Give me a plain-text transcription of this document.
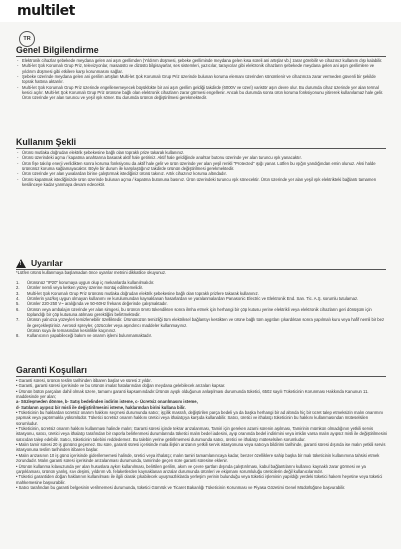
multilet
TR
Genel Bilgilendirme
- Elektronik cihazlar şebekede meydana gelen ani aşırı gerilimden (Yıldırım düşmesi, şebeke geriliminde meydana gelen kısa süreli ani artışlar vb.) zarar görebilir ve cihazınız kullanım dışı kalabilir.
- Multi-let Şok Korumalı Grup Priz, televizyonlar, masaüstü ve dizüstü bilgisayarlar, ses sistemleri, yazıcılar, tarayıcılar gibi elektronik cihazların şebekede meydana gelen ani aşırı gerilimlere ve yıldırım düşmesi gibi etkilere karşı korunmasını sağlar.
- Şebeke üzerinde meydana gelen ani gerilim artışları Multi-let Şok Korumalı Grup Priz üzerinde bulunan koruma elemanı üzerinden sönümlenir ve cihazınıza zarar vermeden güvenli bir şekilde toprak hattına aktarılır.
- Multi-let Şok Korumalı Grup Priz üzerinde engellenemeyecek büyüklükte bir ani aşırı gerilim geldiği takdirde (6000V ve üzeri) varistör aşırı devre olur. Bu durumda cihaz üzerinde yer alan termal kesici açılır. Multi-let Şok Korumalı Grup Priz ürününe bağlı olan elektronik cihazların zarar görmesi engellenir. Ancak bu durumda sonra ürün koruma fonksiyonunu yitirerek kullanılamaz hale gelir. Ürün üzerinde yer alan turuncu ve yeşil ışık söner. Bu durumda ürünün değiştirilmesi gerekmektedir.
Kullanım Şekli
- Ürünü mutlaka doğrudan elektrik şebekesine bağlı olan topraklı prize takarak kullanınız.
- Ürünü üzerindeki açma / kapatma anahtarına basarak aktif hale getiriniz. Aktif hale geldiğinde anahtar butonu üzerinde yer alan turuncu ışık yanacaktır.
- Ürün fişe takılıp enerji verildikten sonra koruma fonksiyonu da aktif hale gelir ve ürün üzerinde yer alan yeşil renkli "Protected" ışığı yanar. Lütfen bu ışığın yandığından emin olunuz. Aksi halde ürününüz koruma sağlamayacaktır. Böyle bir durum ile karşılaştığınız takdirde ürünün değiştirilmesi gerekmektedir.
- Ürün üzerinde yer alan yuvalardan birine çalıştırmak istediğiniz ürünü takınız. Artık cihazınız koruma altındadır.
- Ürünü kapatmak istediğinizde ürün üzerinde bulunan açma / kapatma butonuna basınız. Ürün üzerindeki turuncu ışık sönecektir. Ürün üzerinde yer alan yeşil ışık elektrikteki bağlantı tamamen kesilinceye kadar yanmaya devam edecektir.
! Uyarılar
*Lütfen ürünü kullanmaya başlamadan önce uyarılar metnini dikkatlice okuyunuz.
1. Ürününüz "IP20" korumaya uygun olup iç mekanlarda kullanılmalıdır.
2. Ürünler nemli veya ketken yüzey üzerine montaj edilmemelidir.
3. Multi-let Şok Korumalı Grup Priz ürününü mutlaka doğrudan elektrik şebekesine bağlı olan topraklı prizlere takarak kullanınız.
4. Ürünlerin yaz/kış uygun olmayan kullanımı ve kurulumundan kaynaklanan hasarlardan ve yaralanmalardan Panasonic Electric ve Elektronik End. San. Tic. A.Ş. sorumlu tutulamaz.
5. Ürünler 220-250 V~ aralığında ve 50-60Hz frekans değerinde çalışmaktadır.
6. Ürünün veya ambalajın üzerinde yer alan simgesi, bu ürünün ömrü tükendikten sonra ilmha etmek için herhangi bir çöp kutusu yerine elektrikli veya elektronik cihazların geri dönüşüm için toplandığı bir çöp kutusuna atılması gerektiğini belirtmektedir.
7. Ürünün yalnızca yüzeyleri temizlenebilir özelliktedir. Ürününüzün temizliği tüm elektriksel bağlantıyı kestikten ve ürüne bağlı tüm aygıtları çıkardıktan sonra yapılmalı kuru veya hafif nemli bir bez ile gerçekleştiriniz. Aerosol spreyler, çözücüler veya aşındırıcı maddeler kullanmayınız.
Ürünün suya ile temasından kesinlikle kaçınınız.
8. Kullanıcının yapabileceği bakım ve onarım işlemi bulunmamaktadır.
Garanti Koşulları
• Garanti süresi, ürünün teslim tarihinden itibaren başlar ve süresi 2 yıldır.
• Garanti, garanti süresi içerisinde ve bu ürünün imalat hatalarından doğan meydana gelebilecek arızaları kapsar.
• Ürünün bütün parçaları dahil olmak üzere, tamamı garanti kapsamındadır.Ürünün ayıplı olduğunun anlaşılması durumunda tüketici, 6502 sayılı Tüketicinin Korunması Hakkında Kanunun 11. maddesinde yer alan;
a- Sözleşmeden dönme, b- Satış bedelinden indirim isteme, c- Ücretsiz onarılmasını isteme,
d- Satılanın ayıpsız bir misli ile değiştirilmesini isteme, haklarından birini kullana bilir.
• Tüketicinin bu haklardan ücretsiz onarım hakkını seçmesi durumunda satıcı; işçilik masrafı, değiştirilen parça bedeli ya da başka herhangi bir ad altında hiç bir ücret talep etmeksizin malın onarımını yapmak veya yaptırmakla yükümlüdür. Tüketici ücretsiz onarım hakkını üretici veya ithalatçıya karşıda kullanabilir. Satıcı, üretici ve ithalatçı tüketicinin bu hakkını kullanmasından müteselsilen sorumludur.
• Tüketicinin, ücretsiz onarım hakkını kullanması halinde malın; Garanti süresi içinde tekrar arızalanması, Tamiri için gereken azami sürenin aşılması, Tamirinin mümkün olmadığının yetkili servis istasyonu, satıcı, üretici veya ithalatçı tarafından bir raporla belirlenmesi durumlarında tüketici malın bedel iadesini, ayıp oranında bedel indirimini veya imkân varsa malın ayıpsız misli ile değiştirilmesini satıcıdan talep edebilir. Satıcı, tüketicinin talebini reddedemez. Bu talebin yerine getirilmemesi durumunda satıcı, üretici ve ithalatçı müteselsilen sorumludur.
• Malın tamir süresi 20 iş gününü geçemez. Bu süre, garanti süresi içerisinde mala ilişkin arızanın yetkili servis istasyonuna veya satıcıya bildirimi tarihinde, garanti süresi dışında ise malın yetkili servis istasyonuna teslim tarihinden itibaren başlar.
• Malın arızasının 10 iş günü içerisinde giderilememesi halinde, üretici veya ithalatçı; malın tamiri tamamlanıncaya kadar, benzer özelliklere sahip başka bir malı tüketicinin kullanımına tahsisi etmek zorundadır. Malın garanti süresi içerisinde arızalanması durumunda, tamirinde geçen süre garanti süresine eklenir.
• Ürünün kullanma kılavuzunda yer alan hususlara aykırı kullanılması, belirtilen gerilim, akım ve çevre şartları dışında çalıştırılması, kabul bağlantılarını kullanıcı kaynaklı zarar görmesi ve ya çarpıklaması, ürünün yanlış, sıvı deşimi, yıldırım vb. felaketlerden kaynaklanan arızalar durumunda ürünleri ve ekipmanı sorumluluğu üreticilerin değil kullanıcılarındır.
• Tüketici garantiden doğan haklarının kullanılması ile ilgili olarak çıkabilecek uyuşmazlıklarda yerleşim yerinin bulunduğu veya tüketici işleminin yapıldığı yerdeki tüketici hakem heyetine veya tüketici mahkemesine başvurabilir.
• Satıcı tarafından bu garanti belgesinin verilmemesi durumunda, tüketici Gümrük ve Ticaret Bakanlığı Tüketicinin Korunması ve Piyasa Gözetimi Genel Müdürlüğüne başvurabilir.
